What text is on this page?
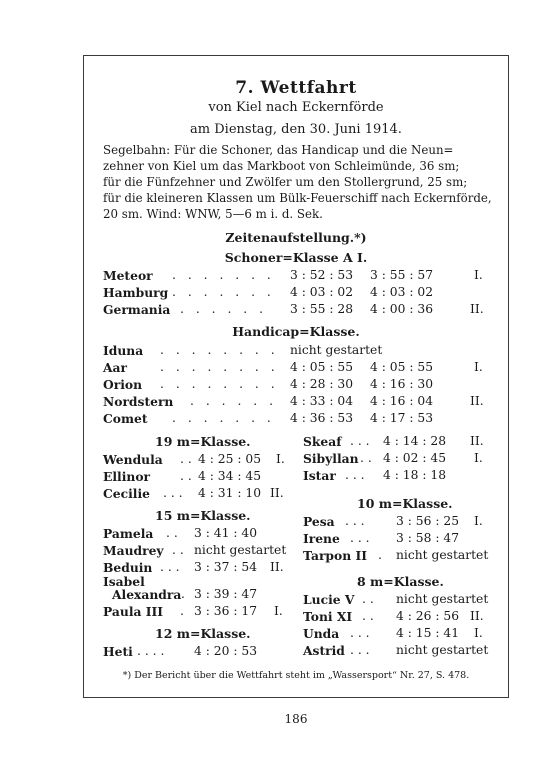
7. Wettfahrt
von Kiel nach Eckernförde
am Dienstag, den 30. Juni 1914.
Segelbahn: Für die Schoner, das Handicap und die Neun=
zehner von Kiel um das Markboot von Schleimünde, 36 sm;
für die Fünfzehner und Zwölfer um den Stollergrund, 25 sm;
für die kleineren Klassen um Bülk-Feuerschiff nach Eckernförde,
20 sm. Wind: WNW, 5—6 m i. d. Sek.
Zeitenaufstellung.*)
Schoner=Klasse A I.
Meteor . . . . . . . 3 : 52 : 53 3 : 55 : 57	I.
Hamburg . . . . . . . 4 : 03 : 02 4 : 03 : 02
Germania . . . . . . 3 : 55 : 28 4 : 00 : 36	II.
Handicap=Klasse.
Iduna . . . . . . . . nicht gestartet
Aar	. . . . . . . . 4 : 05 : 55 4 : 05 : 55	I.
Orion . . . . . . . . 4 : 28 : 30 4 : 16 : 30
Nordstern . . . . . . 4 : 33 : 04 4 : 16 : 04	II.
Comet . . . . . . . 4 : 36 : 53 4 : 17 : 53
19 m=Klasse.
Wendula . . 4 : 25 : 05 I.
Ellinor . . 4 : 34 : 45
Cecilie . . . 4 : 31 : 10 II.
Skeaf . . . 4 : 14 : 28 II.
Sibyllan . . 4 : 02 : 45 I.
Istar . . . 4 : 18 : 18
15 m=Klasse.
Pamela . . 3 : 41 : 40
Maudrey . . nicht gestartet
Beduin . . . 3 : 37 : 54 II.
Isabel
Alexandra . 3 : 39 : 47
Paula III . 3 : 36 : 17 I.
12 m=Klasse.
Heti . . . . 4 : 20 : 53
10 m=Klasse.
Pesa . . .	3 : 56 : 25 I.
Irene . . . 3 : 58 : 47
Tarpon II . nicht gestartet
8 m=Klasse.
Lucie V . . nicht gestartet
Toni XI . . 4 : 26 : 56 II.
Unda . . . 4 : 15 : 41 I.
Astrid . . . nicht gestartet
*) Der Bericht über die Wettfahrt steht im „Wassersport“ Nr. 27, S. 478.
186
